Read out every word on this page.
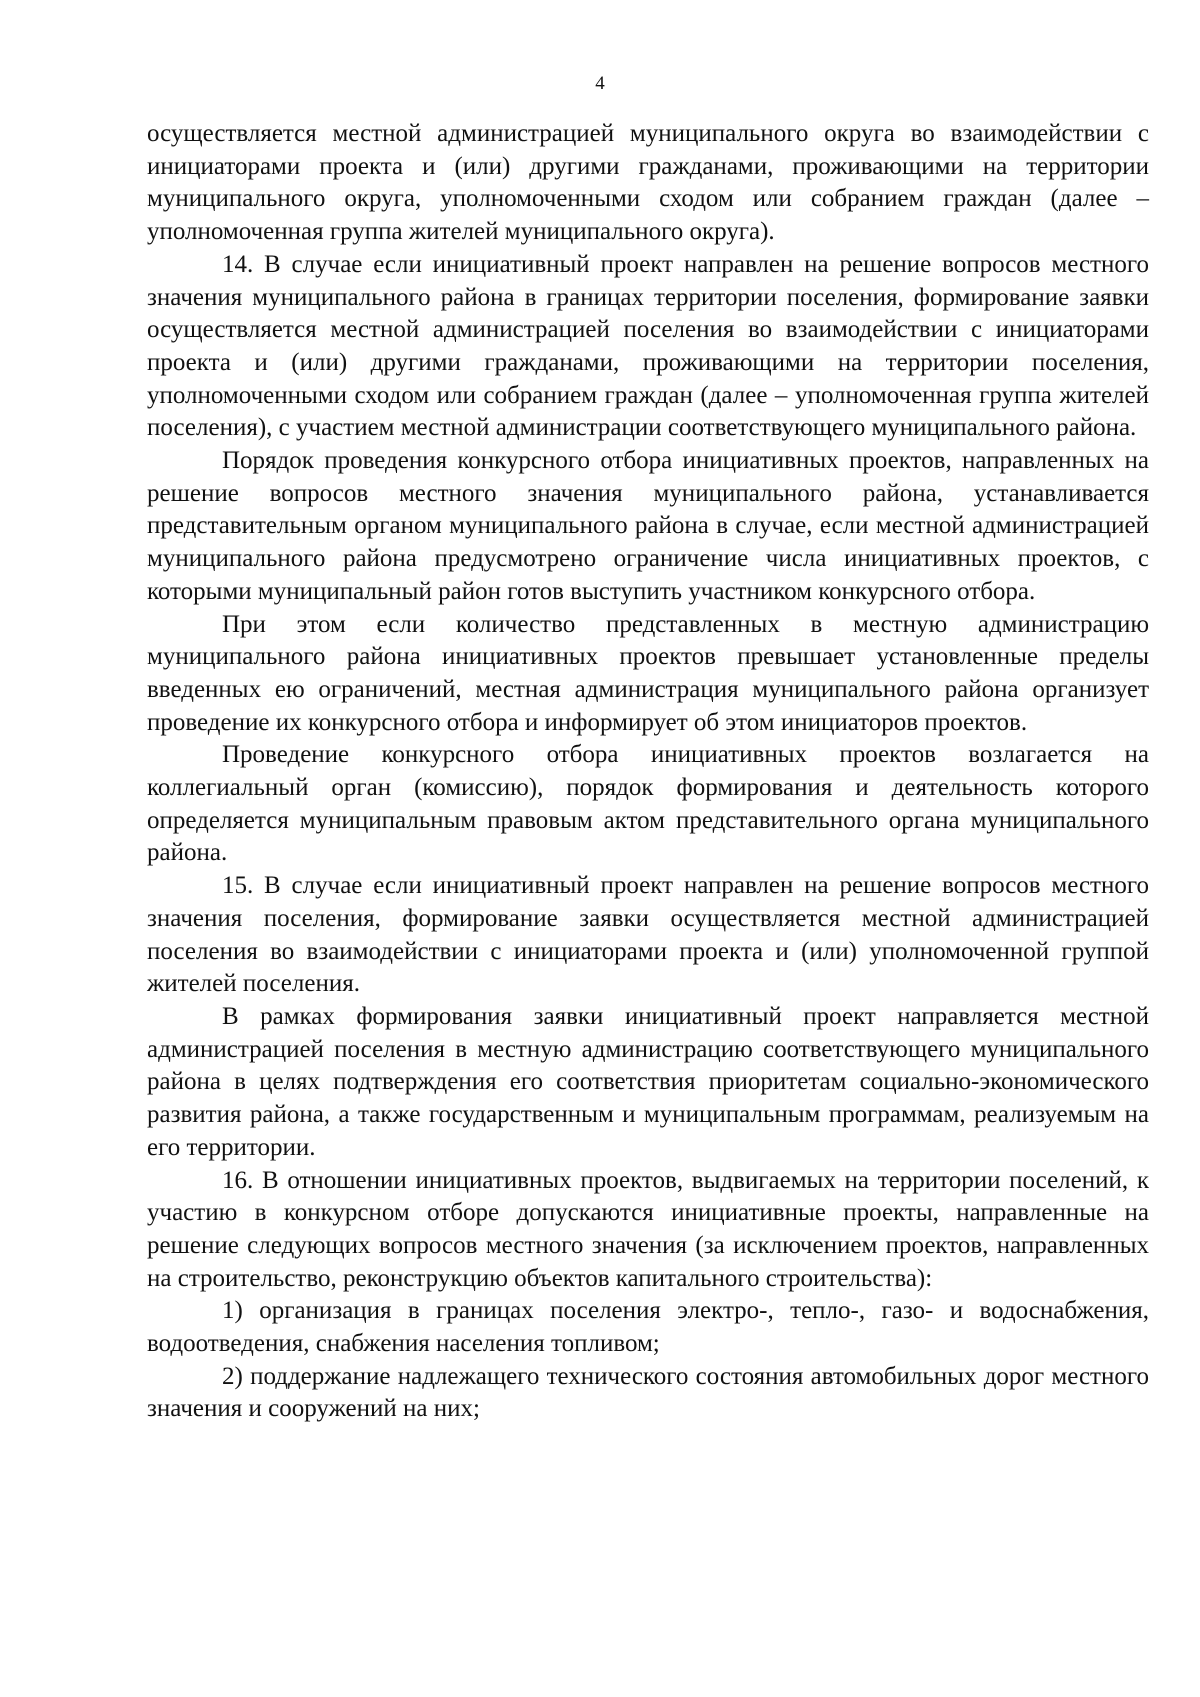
4

осуществляется местной администрацией муниципального округа во взаимодействии с инициаторами проекта и (или) другими гражданами, проживающими на территории муниципального округа, уполномоченными сходом или собранием граждан (далее – уполномоченная группа жителей муниципального округа).

14. В случае если инициативный проект направлен на решение вопросов местного значения муниципального района в границах территории поселения, формирование заявки осуществляется местной администрацией поселения во взаимодействии с инициаторами проекта и (или) другими гражданами, проживающими на территории поселения, уполномоченными сходом или собранием граждан (далее – уполномоченная группа жителей поселения), с участием местной администрации соответствующего муниципального района.

Порядок проведения конкурсного отбора инициативных проектов, направленных на решение вопросов местного значения муниципального района, устанавливается представительным органом муниципального района в случае, если местной администрацией муниципального района предусмотрено ограничение числа инициативных проектов, с которыми муниципальный район готов выступить участником конкурсного отбора.

При этом если количество представленных в местную администрацию муниципального района инициативных проектов превышает установленные пределы введенных ею ограничений, местная администрация муниципального района организует проведение их конкурсного отбора и информирует об этом инициаторов проектов.

Проведение конкурсного отбора инициативных проектов возлагается на коллегиальный орган (комиссию), порядок формирования и деятельность которого определяется муниципальным правовым актом представительного органа муниципального района.

15. В случае если инициативный проект направлен на решение вопросов местного значения поселения, формирование заявки осуществляется местной администрацией поселения во взаимодействии с инициаторами проекта и (или) уполномоченной группой жителей поселения.

В рамках формирования заявки инициативный проект направляется местной администрацией поселения в местную администрацию соответствующего муниципального района в целях подтверждения его соответствия приоритетам социально-экономического развития района, а также государственным и муниципальным программам, реализуемым на его территории.

16. В отношении инициативных проектов, выдвигаемых на территории поселений, к участию в конкурсном отборе допускаются инициативные проекты, направленные на решение следующих вопросов местного значения (за исключением проектов, направленных на строительство, реконструкцию объектов капитального строительства):

1) организация в границах поселения электро-, тепло-, газо- и водоснабжения, водоотведения, снабжения населения топливом;

2) поддержание надлежащего технического состояния автомобильных дорог местного значения и сооружений на них;
